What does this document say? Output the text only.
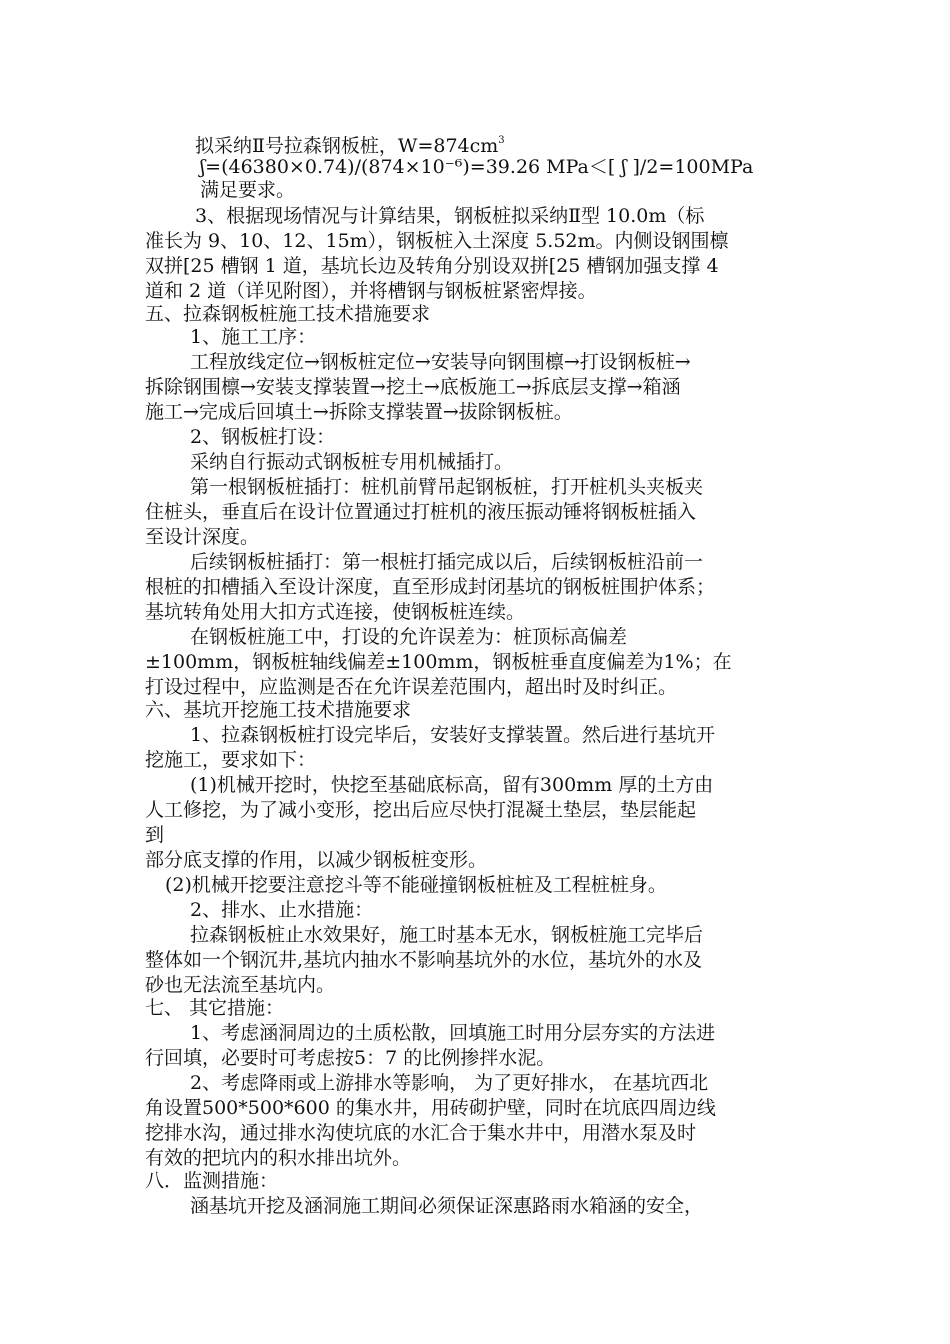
拟采纳Ⅱ号拉森钢板桩，$W=874cm^3$
ʃ=(46380×0.74)/(874×10⁻⁶)=39.26 MPa＜[ ʃ ]/2=100MPa
满足要求。
3、根据现场情况与计算结果，钢板桩拟采纳Ⅱ型 10.0m（标
准长为 9、10、12、15m），钢板桩入土深度 5.52m。内侧设钢围檩
双拼[25 槽钢 1 道，基坑长边及转角分别设双拼[25 槽钢加强支撑 4
道和 2 道（详见附图），并将槽钢与钢板桩紧密焊接。
五、拉森钢板桩施工技术措施要求
1、施工工序：
工程放线定位→钢板桩定位→安装导向钢围檩→打设钢板桩→
拆除钢围檩→安装支撑装置→挖土→底板施工→拆底层支撑→箱涵
施工→完成后回填土→拆除支撑装置→拔除钢板桩。
2、钢板桩打设：
采纳自行振动式钢板桩专用机械插打。
第一根钢板桩插打：桩机前臂吊起钢板桩，打开桩机头夹板夹
住桩头，垂直后在设计位置通过打桩机的液压振动锤将钢板桩插入
至设计深度。
后续钢板桩插打：第一根桩打插完成以后，后续钢板桩沿前一
根桩的扣槽插入至设计深度，直至形成封闭基坑的钢板桩围护体系；
基坑转角处用大扣方式连接，使钢板桩连续。
在钢板桩施工中，打设的允许误差为：桩顶标高偏差
±100mm，钢板桩轴线偏差±100mm，钢板桩垂直度偏差为1%；在
打设过程中，应监测是否在允许误差范围内，超出时及时纠正。
六、基坑开挖施工技术措施要求
1、拉森钢板桩打设完毕后，安装好支撑装置。然后进行基坑开
挖施工，要求如下：
(1)机械开挖时，快挖至基础底标高，留有300mm 厚的土方由
人工修挖，为了减小变形，挖出后应尽快打混凝土垫层，垫层能起
到
部分底支撑的作用，以减少钢板桩变形。
(2)机械开挖要注意挖斗等不能碰撞钢板桩桩及工程桩桩身。
2、排水、止水措施：
拉森钢板桩止水效果好，施工时基本无水，钢板桩施工完毕后
整体如一个钢沉井,基坑内抽水不影响基坑外的水位，基坑外的水及
砂也无法流至基坑内。
七、 其它措施：
1、考虑涵洞周边的土质松散，回填施工时用分层夯实的方法进
行回填，必要时可考虑按5：7 的比例掺拌水泥。
2、考虑降雨或上游排水等影响， 为了更好排水， 在基坑西北
角设置500*500*600 的集水井，用砖砌护壁，同时在坑底四周边线
挖排水沟，通过排水沟使坑底的水汇合于集水井中，用潜水泵及时
有效的把坑内的积水排出坑外。
八．监测措施：
涵基坑开挖及涵洞施工期间必须保证深惠路雨水箱涵的安全，
